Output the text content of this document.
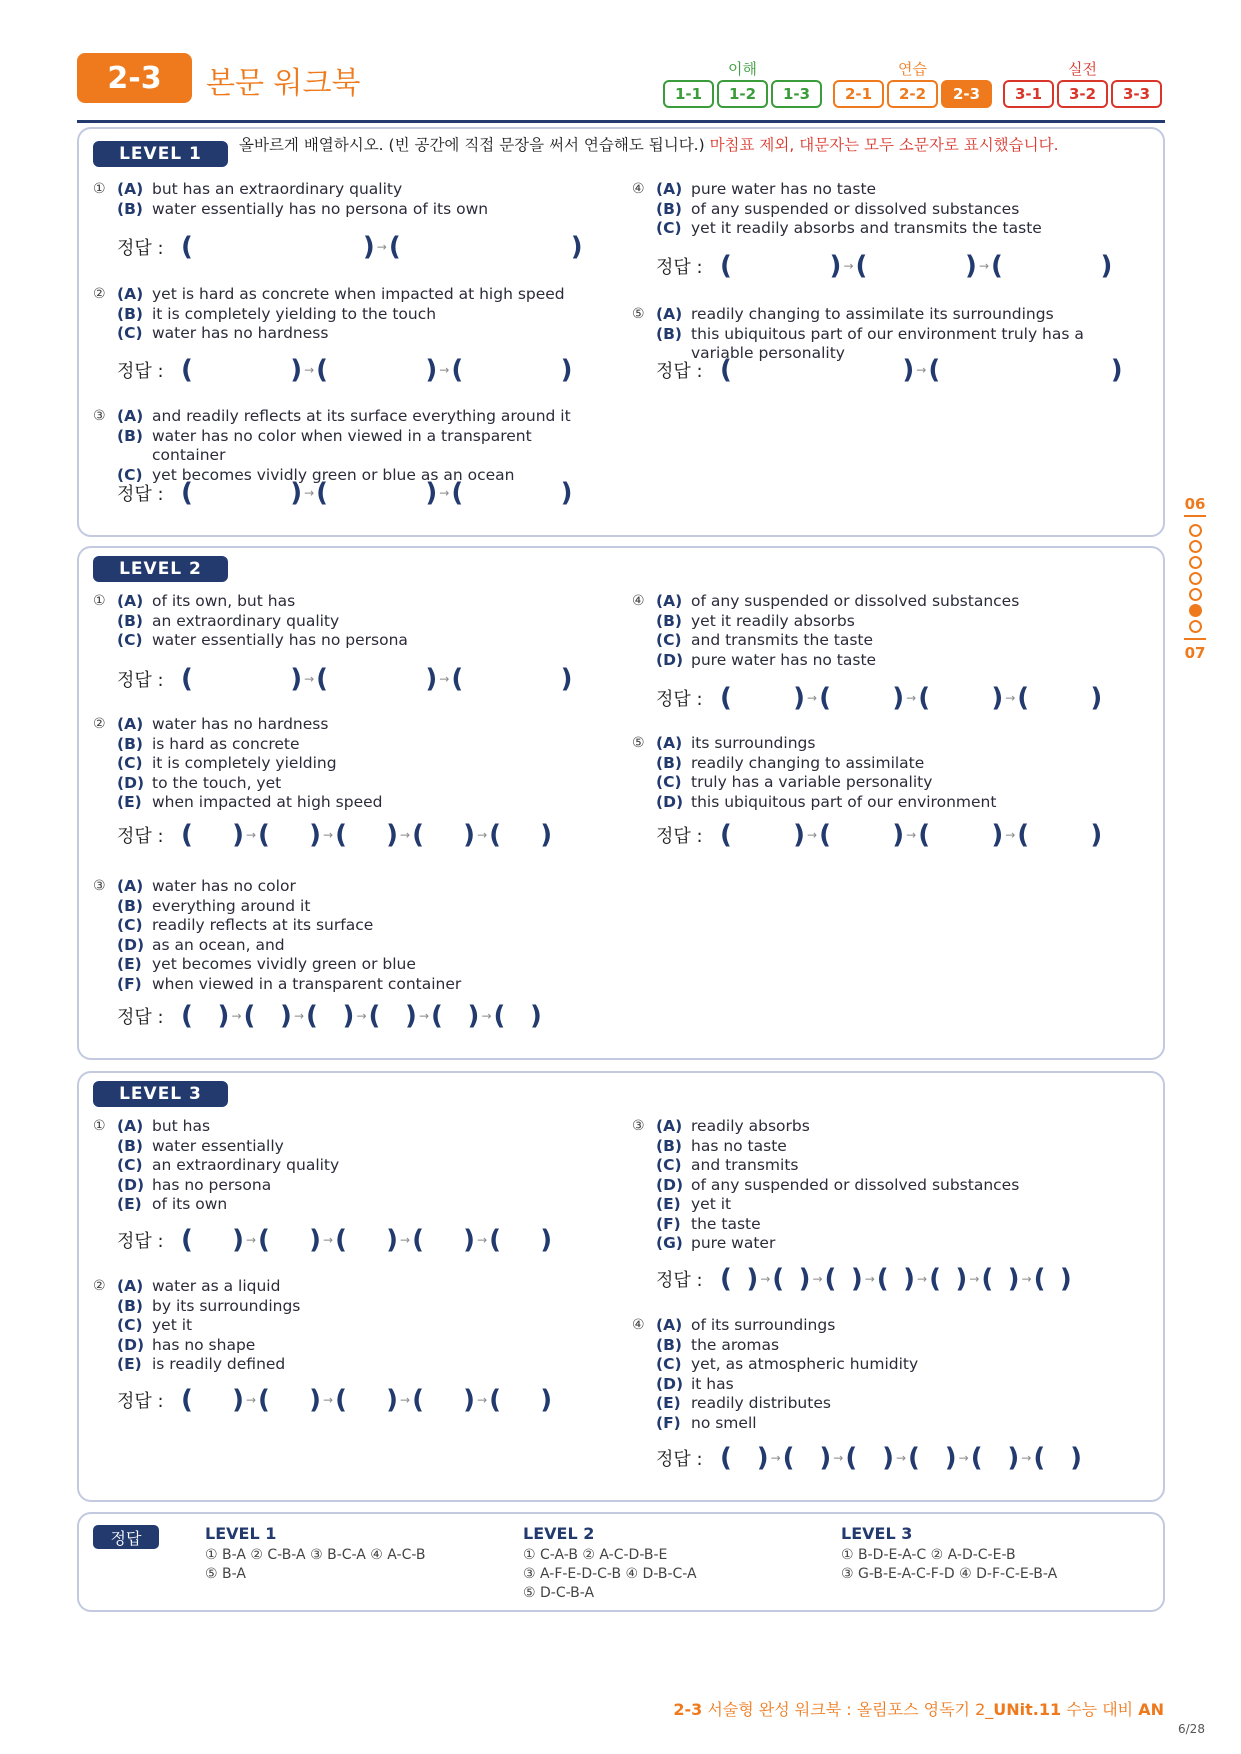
2-3	본문 워크북	이해
1-1	1-2	1-3
연습
2-1	2-2	2-3
실전
3-1	3-2	3-3
LEVEL 1	올바르게 배열하시오. (빈 공간에 직접 문장을 써서 연습해도 됩니다.) 마침표 제외, 대문자는 모두 소문자로 표시했습니다.
LEVEL 2
LEVEL 3
정답	LEVEL 1
① B-A ② C-B-A ③ B-C-A ④ A-C-B
⑤ B-A
LEVEL 2
① C-A-B ② A-C-D-B-E
③ A-F-E-D-C-B ④ D-B-C-A
⑤ D-C-B-A
LEVEL 3
① B-D-E-A-C ② A-D-C-E-B
③ G-B-E-A-C-F-D ④ D-F-C-E-B-A
① (A) but has an extraordinary quality
(B) water essentially has no persona of its own
정답 : (	) → (	)
② (A) yet is hard as concrete when impacted at high speed
(B) it is completely yielding to the touch
(C) water has no hardness
정답 : (	) → (	) → (	)
③ (A) and readily reflects at its surface everything around it
(B) water has no color when viewed in a transparent
container
(C) yet becomes vividly green or blue as an ocean
정답 : (	) → (	) → (	)
④ (A) pure water has no taste
(B) of any suspended or dissolved substances
(C) yet it readily absorbs and transmits the taste
정답 : (	) → (	) → (	)
⑤ (A) readily changing to assimilate its surroundings
(B) this ubiquitous part of our environment truly has a
variable personality
정답 : (	) → (	)
① (A) of its own, but has
(B) an extraordinary quality
(C) water essentially has no persona
정답 : (	) → (	) → (	)
② (A) water has no hardness
(B) is hard as concrete
(C) it is completely yielding
(D) to the touch, yet
(E) when impacted at high speed
정답 : ( ) → ( ) → ( ) → ( ) → ( )
③ (A) water has no color
(B) everything around it
(C) readily reflects at its surface
(D) as an ocean, and
(E) yet becomes vividly green or blue
(F) when viewed in a transparent container
정답 : ( ) → ( ) → ( ) → ( ) → ( ) → ( )
④ (A) of any suspended or dissolved substances
(B) yet it readily absorbs
(C) and transmits the taste
(D) pure water has no taste
정답 : ( ) → ( ) → ( ) → ( )
⑤ (A) its surroundings
(B) readily changing to assimilate
(C) truly has a variable personality
(D) this ubiquitous part of our environment
정답 : ( ) → ( ) → ( ) → ( )
① (A) but has
(B) water essentially
(C) an extraordinary quality
(D) has no persona
(E) of its own
정답 : ( ) → ( ) → ( ) → ( ) → ( )
② (A) water as a liquid
(B) by its surroundings
(C) yet it
(D) has no shape
(E) is readily defined
정답 : ( ) → ( ) → ( ) → ( ) → ( )
③ (A) readily absorbs
(B) has no taste
(C) and transmits
(D) of any suspended or dissolved substances
(E) yet it
(F) the taste
(G) pure water
정답 : ( ) → ( ) → ( ) → ( ) → ( ) → ( ) → ( )
④ (A) of its surroundings
(B) the aromas
(C) yet, as atmospheric humidity
(D) it has
(E) readily distributes
(F) no smell
정답 : ( ) → ( ) → ( ) → ( ) → ( ) → ( )
06
07
2-3 서술형 완성 워크북 : 올림포스 영독기 2_UNit.11 수능 대비 AN
6/28
